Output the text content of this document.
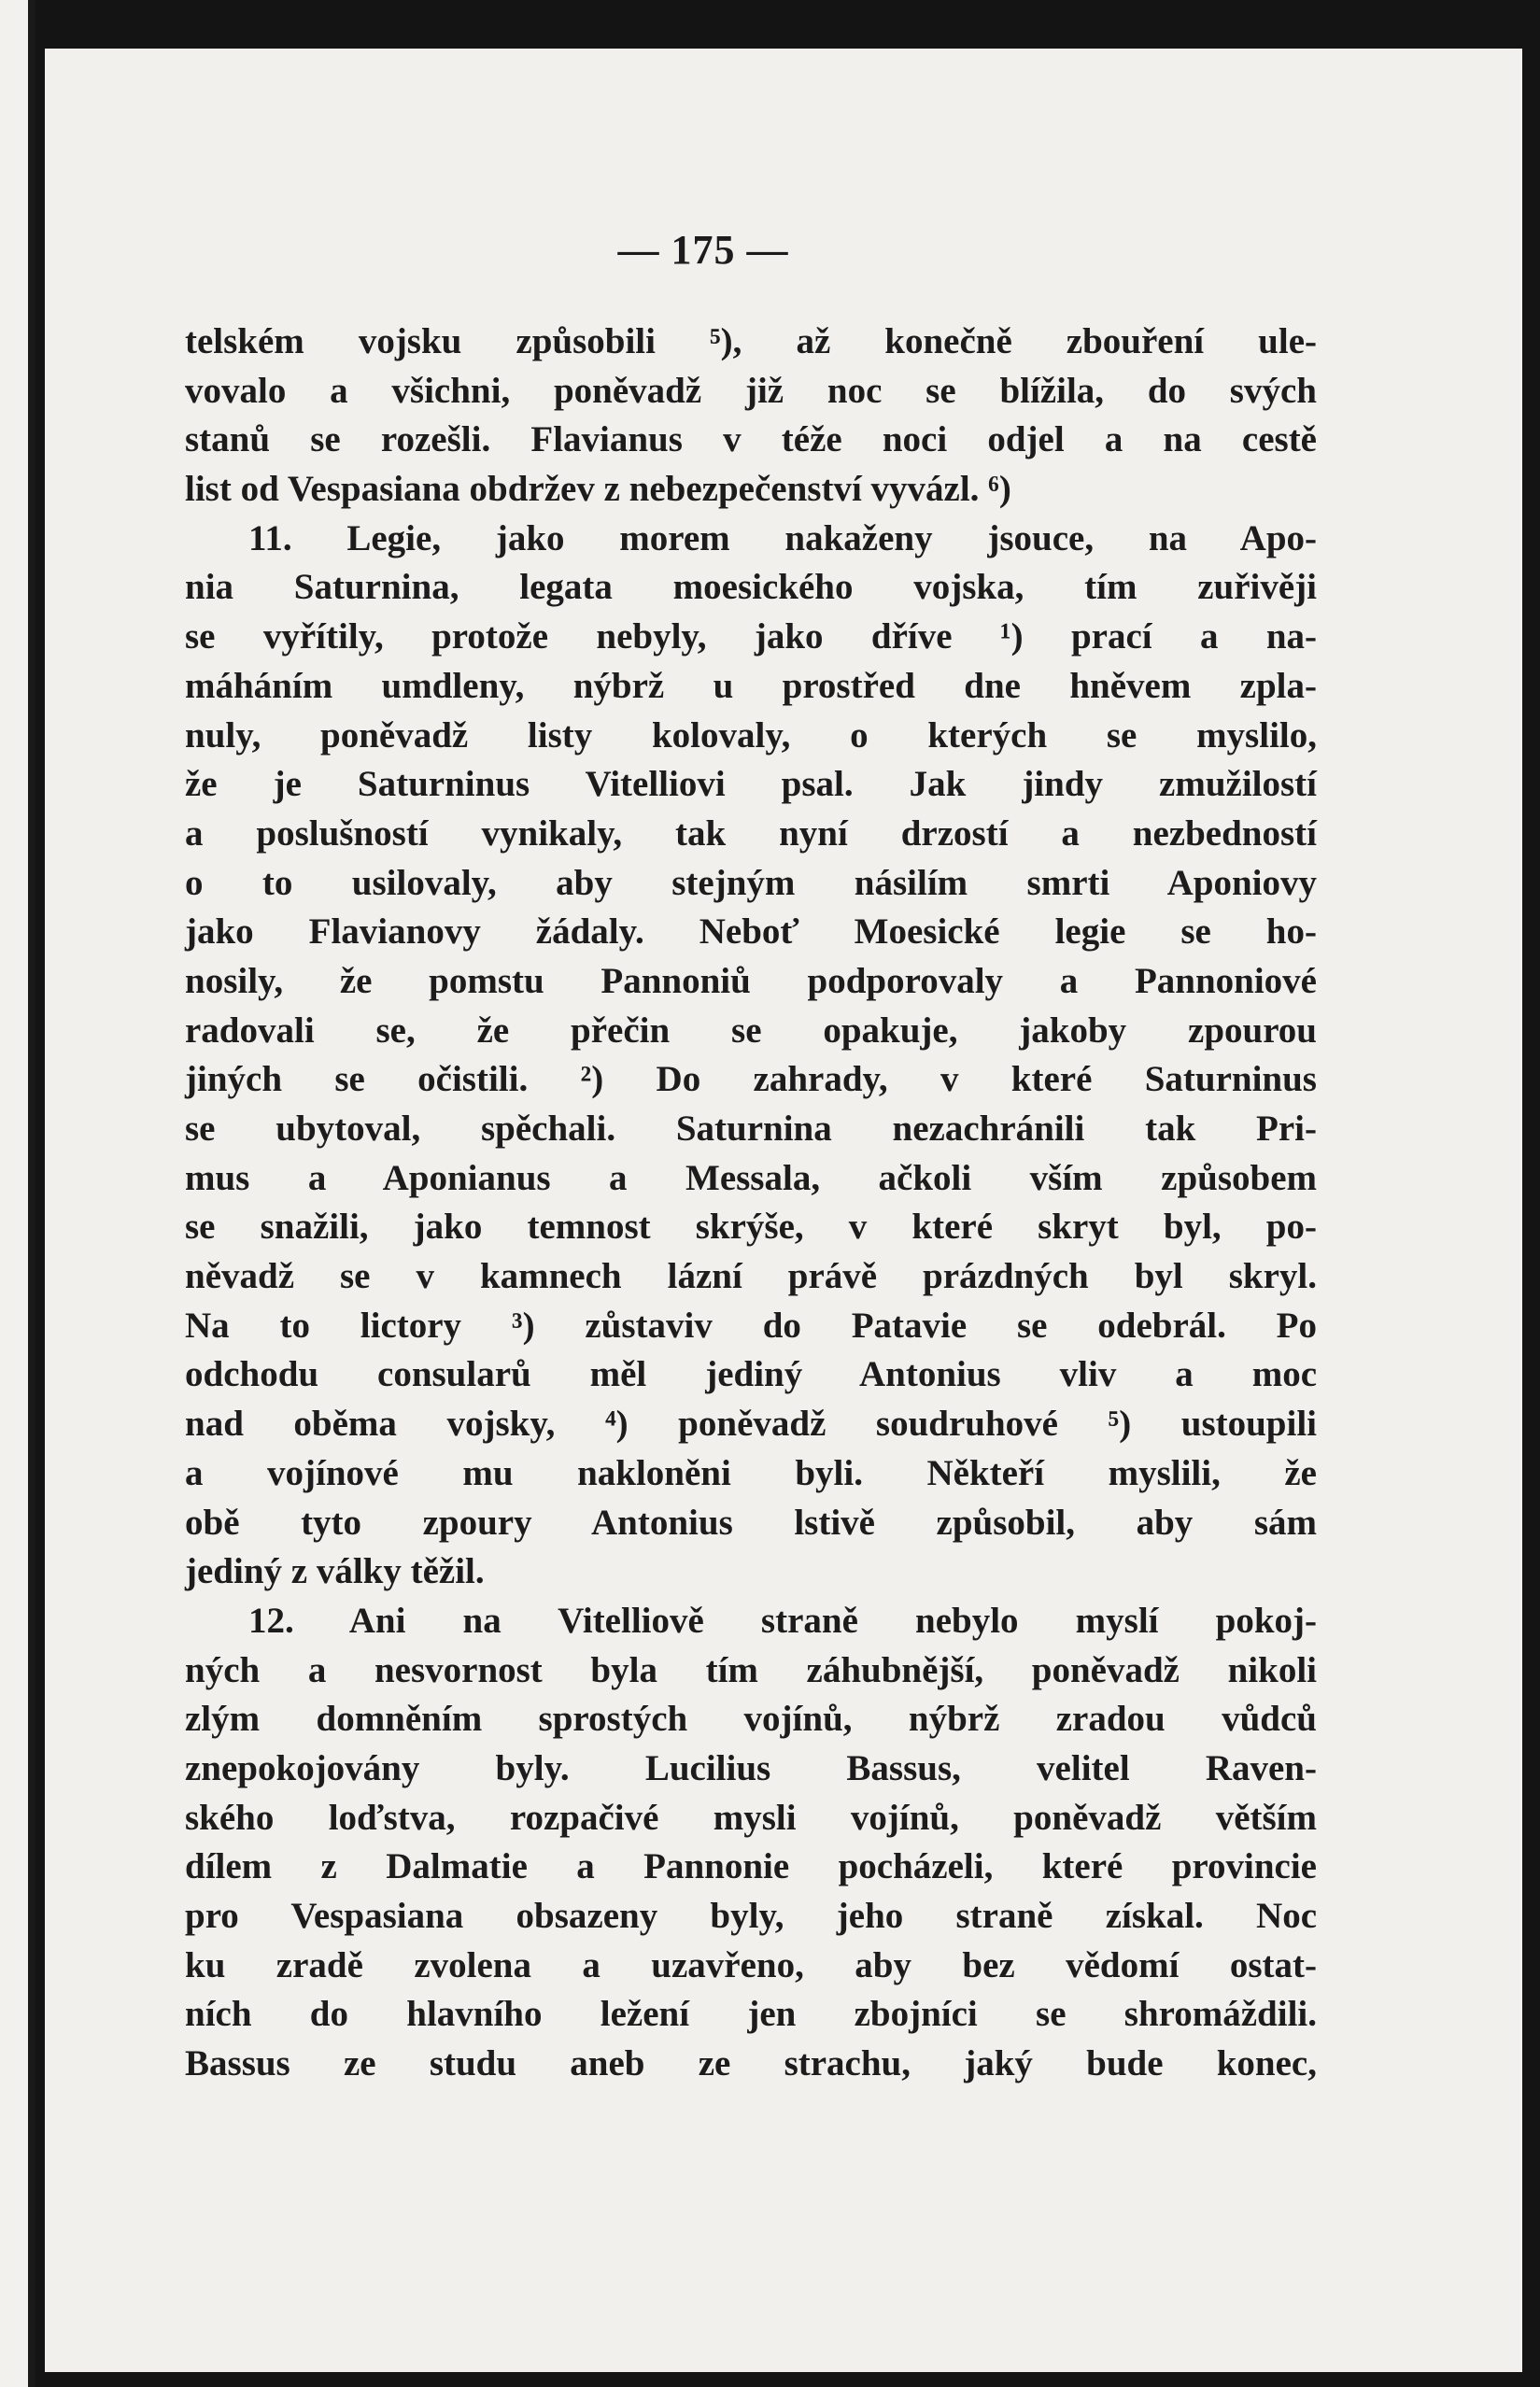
— 175 —
telském vojsku způsobili ⁵), až konečně zbouření ule-
vovalo a všichni, poněvadž již noc se blížila, do svých
stanů se rozešli. Flavianus v téže noci odjel a na cestě
list od Vespasiana obdržev z nebezpečenství vyvázl. ⁶)
11. Legie, jako morem nakaženy jsouce, na Apo-
nia Saturnina, legata moesického vojska, tím zuřivěji
se vyřítily, protože nebyly, jako dříve ¹) prací a na-
máháním umdleny, nýbrž u prostřed dne hněvem zpla-
nuly, poněvadž listy kolovaly, o kterých se myslilo,
že je Saturninus Vitelliovi psal. Jak jindy zmužilostí
a poslušností vynikaly, tak nyní drzostí a nezbedností
o to usilovaly, aby stejným násilím smrti Aponiovy
jako Flavianovy žádaly. Neboť Moesické legie se ho-
nosily, že pomstu Pannoniů podporovaly a Pannoniové
radovali se, že přečin se opakuje, jakoby zpourou
jiných se očistili. ²) Do zahrady, v které Saturninus
se ubytoval, spěchali. Saturnina nezachránili tak Pri-
mus a Aponianus a Messala, ačkoli vším způsobem
se snažili, jako temnost skrýše, v které skryt byl, po-
něvadž se v kamnech lázní právě prázdných byl skryl.
Na to lictory ³) zůstaviv do Patavie se odebrál. Po
odchodu consularů měl jediný Antonius vliv a moc
nad oběma vojsky, ⁴) poněvadž soudruhové ⁵) ustoupili
a vojínové mu nakloněni byli. Někteří myslili, že
obě tyto zpoury Antonius lstivě způsobil, aby sám
jediný z války těžil.
12. Ani na Vitelliově straně nebylo myslí pokoj-
ných a nesvornost byla tím záhubnější, poněvadž nikoli
zlým domněním sprostých vojínů, nýbrž zradou vůdců
znepokojovány byly. Lucilius Bassus, velitel Raven-
ského loďstva, rozpačivé mysli vojínů, poněvadž větším
dílem z Dalmatie a Pannonie pocházeli, které provincie
pro Vespasiana obsazeny byly, jeho straně získal. Noc
ku zradě zvolena a uzavřeno, aby bez vědomí ostat-
ních do hlavního ležení jen zbojníci se shromáždili.
Bassus ze studu aneb ze strachu, jaký bude konec,
